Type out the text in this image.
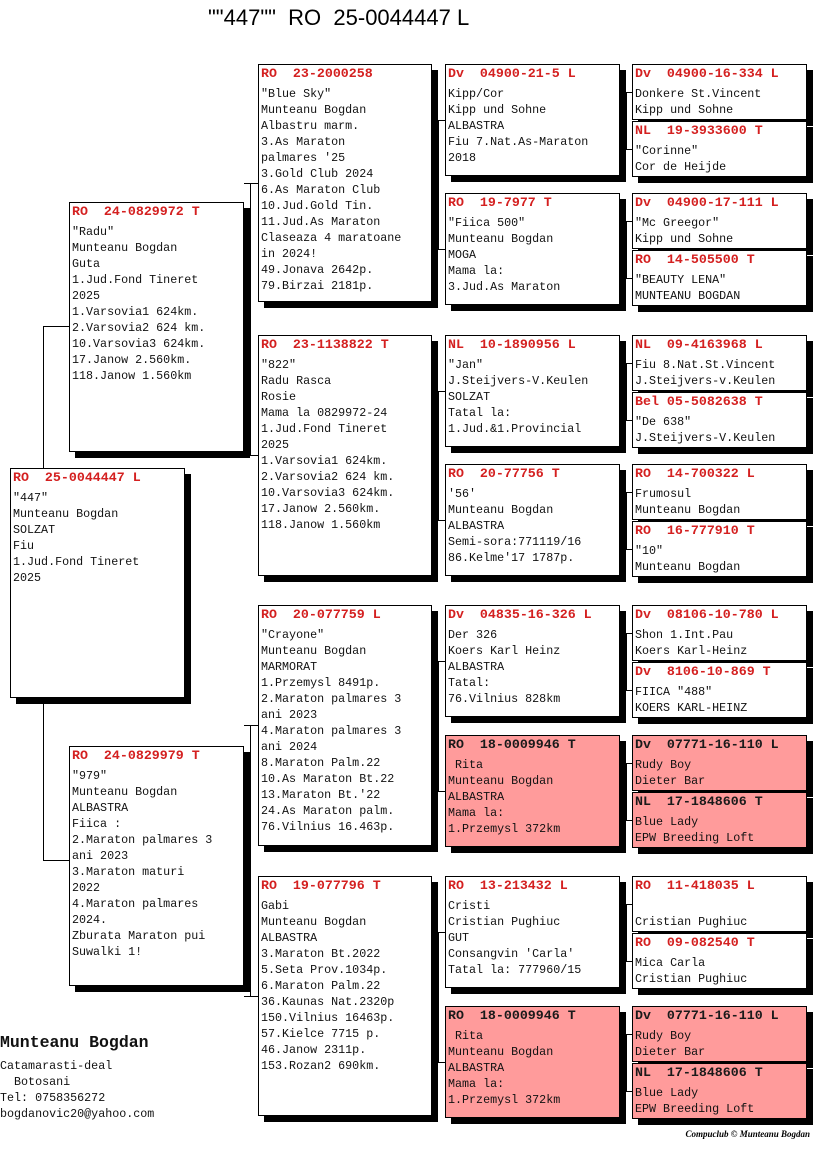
""447""  RO  25-0044447 L
RO  25-0044447 L
"447"
Munteanu Bogdan
SOLZAT
Fiu
1.Jud.Fond Tineret
2025
RO  24-0829972 T
"Radu"
Munteanu Bogdan
Guta
1.Jud.Fond Tineret
2025
1.Varsovia1 624km.
2.Varsovia2 624 km.
10.Varsovia3 624km.
17.Janow 2.560km.
118.Janow 1.560km
RO  24-0829979 T
"979"
Munteanu Bogdan
ALBASTRA
Fiica :
2.Maraton palmares 3
ani 2023
3.Maraton maturi
2022
4.Maraton palmares
2024.
Zburata Maraton pui
Suwalki 1!
RO  23-2000258
"Blue Sky"
Munteanu Bogdan
Albastru marm.
3.As Maraton
palmares '25
3.Gold Club 2024
6.As Maraton Club
10.Jud.Gold Tin.
11.Jud.As Maraton
Claseaza 4 maratoane
in 2024!
49.Jonava 2642p.
79.Birzai 2181p.
RO  23-1138822 T
"822"
Radu Rasca
Rosie
Mama la 0829972-24
1.Jud.Fond Tineret
2025
1.Varsovia1 624km.
2.Varsovia2 624 km.
10.Varsovia3 624km.
17.Janow 2.560km.
118.Janow 1.560km
RO  20-077759 L
"Crayone"
Munteanu Bogdan
MARMORAT
1.Przemysl 8491p.
2.Maraton palmares 3
ani 2023
4.Maraton palmares 3
ani 2024
8.Maraton Palm.22
10.As Maraton Bt.22
13.Maraton Bt.'22
24.As Maraton palm.
76.Vilnius 16.463p.
RO  19-077796 T
Gabi
Munteanu Bogdan
ALBASTRA
3.Maraton Bt.2022
5.Seta Prov.1034p.
6.Maraton Palm.22
36.Kaunas Nat.2320p
150.Vilnius 16463p.
57.Kielce 7715 p.
46.Janow 2311p.
153.Rozan2 690km.
Dv  04900-21-5 L
Kipp/Cor
Kipp und Sohne
ALBASTRA
Fiu 7.Nat.As-Maraton
2018
RO  19-7977 T
"Fiica 500"
Munteanu Bogdan
MOGA
Mama la:
3.Jud.As Maraton
NL  10-1890956 L
"Jan"
J.Steijvers-V.Keulen
SOLZAT
Tatal la:
1.Jud.&1.Provincial
RO  20-77756 T
'56'
Munteanu Bogdan
ALBASTRA
Semi-sora:771119/16
86.Kelme'17 1787p.
Dv  04835-16-326 L
Der 326
Koers Karl Heinz
ALBASTRA
Tatal:
76.Vilnius 828km
RO  18-0009946 T
Rita
Munteanu Bogdan
ALBASTRA
Mama la:
1.Przemysl 372km
RO  13-213432 L
Cristi
Cristian Pughiuc
GUT
Consangvin 'Carla'
Tatal la: 777960/15
RO  18-0009946 T
Rita
Munteanu Bogdan
ALBASTRA
Mama la:
1.Przemysl 372km
Dv  04900-16-334 L
Donkere St.Vincent
Kipp und Sohne
NL  19-3933600 T
"Corinne"
Cor de Heijde
Dv  04900-17-111 L
"Mc Greegor"
Kipp und Sohne
RO  14-505500 T
"BEAUTY LENA"
MUNTEANU BOGDAN
NL  09-4163968 L
Fiu 8.Nat.St.Vincent
J.Steijvers-v.Keulen
Bel 05-5082638 T
"De 638"
J.Steijvers-V.Keulen
RO  14-700322 L
Frumosul
Munteanu Bogdan
RO  16-777910 T
"10"
Munteanu Bogdan
Dv  08106-10-780 L
Shon 1.Int.Pau
Koers Karl-Heinz
Dv  8106-10-869 T
FIICA "488"
KOERS KARL-HEINZ
Dv  07771-16-110 L
Rudy Boy
Dieter Bar
NL  17-1848606 T
Blue Lady
EPW Breeding Loft
RO  11-418035 L
Cristian Pughiuc
RO  09-082540 T
Mica Carla
Cristian Pughiuc
Dv  07771-16-110 L
Rudy Boy
Dieter Bar
NL  17-1848606 T
Blue Lady
EPW Breeding Loft
Munteanu Bogdan
Catamarasti-deal
Botosani
Tel: 0758356272
bogdanovic20@yahoo.com
Compuclub © Munteanu Bogdan
